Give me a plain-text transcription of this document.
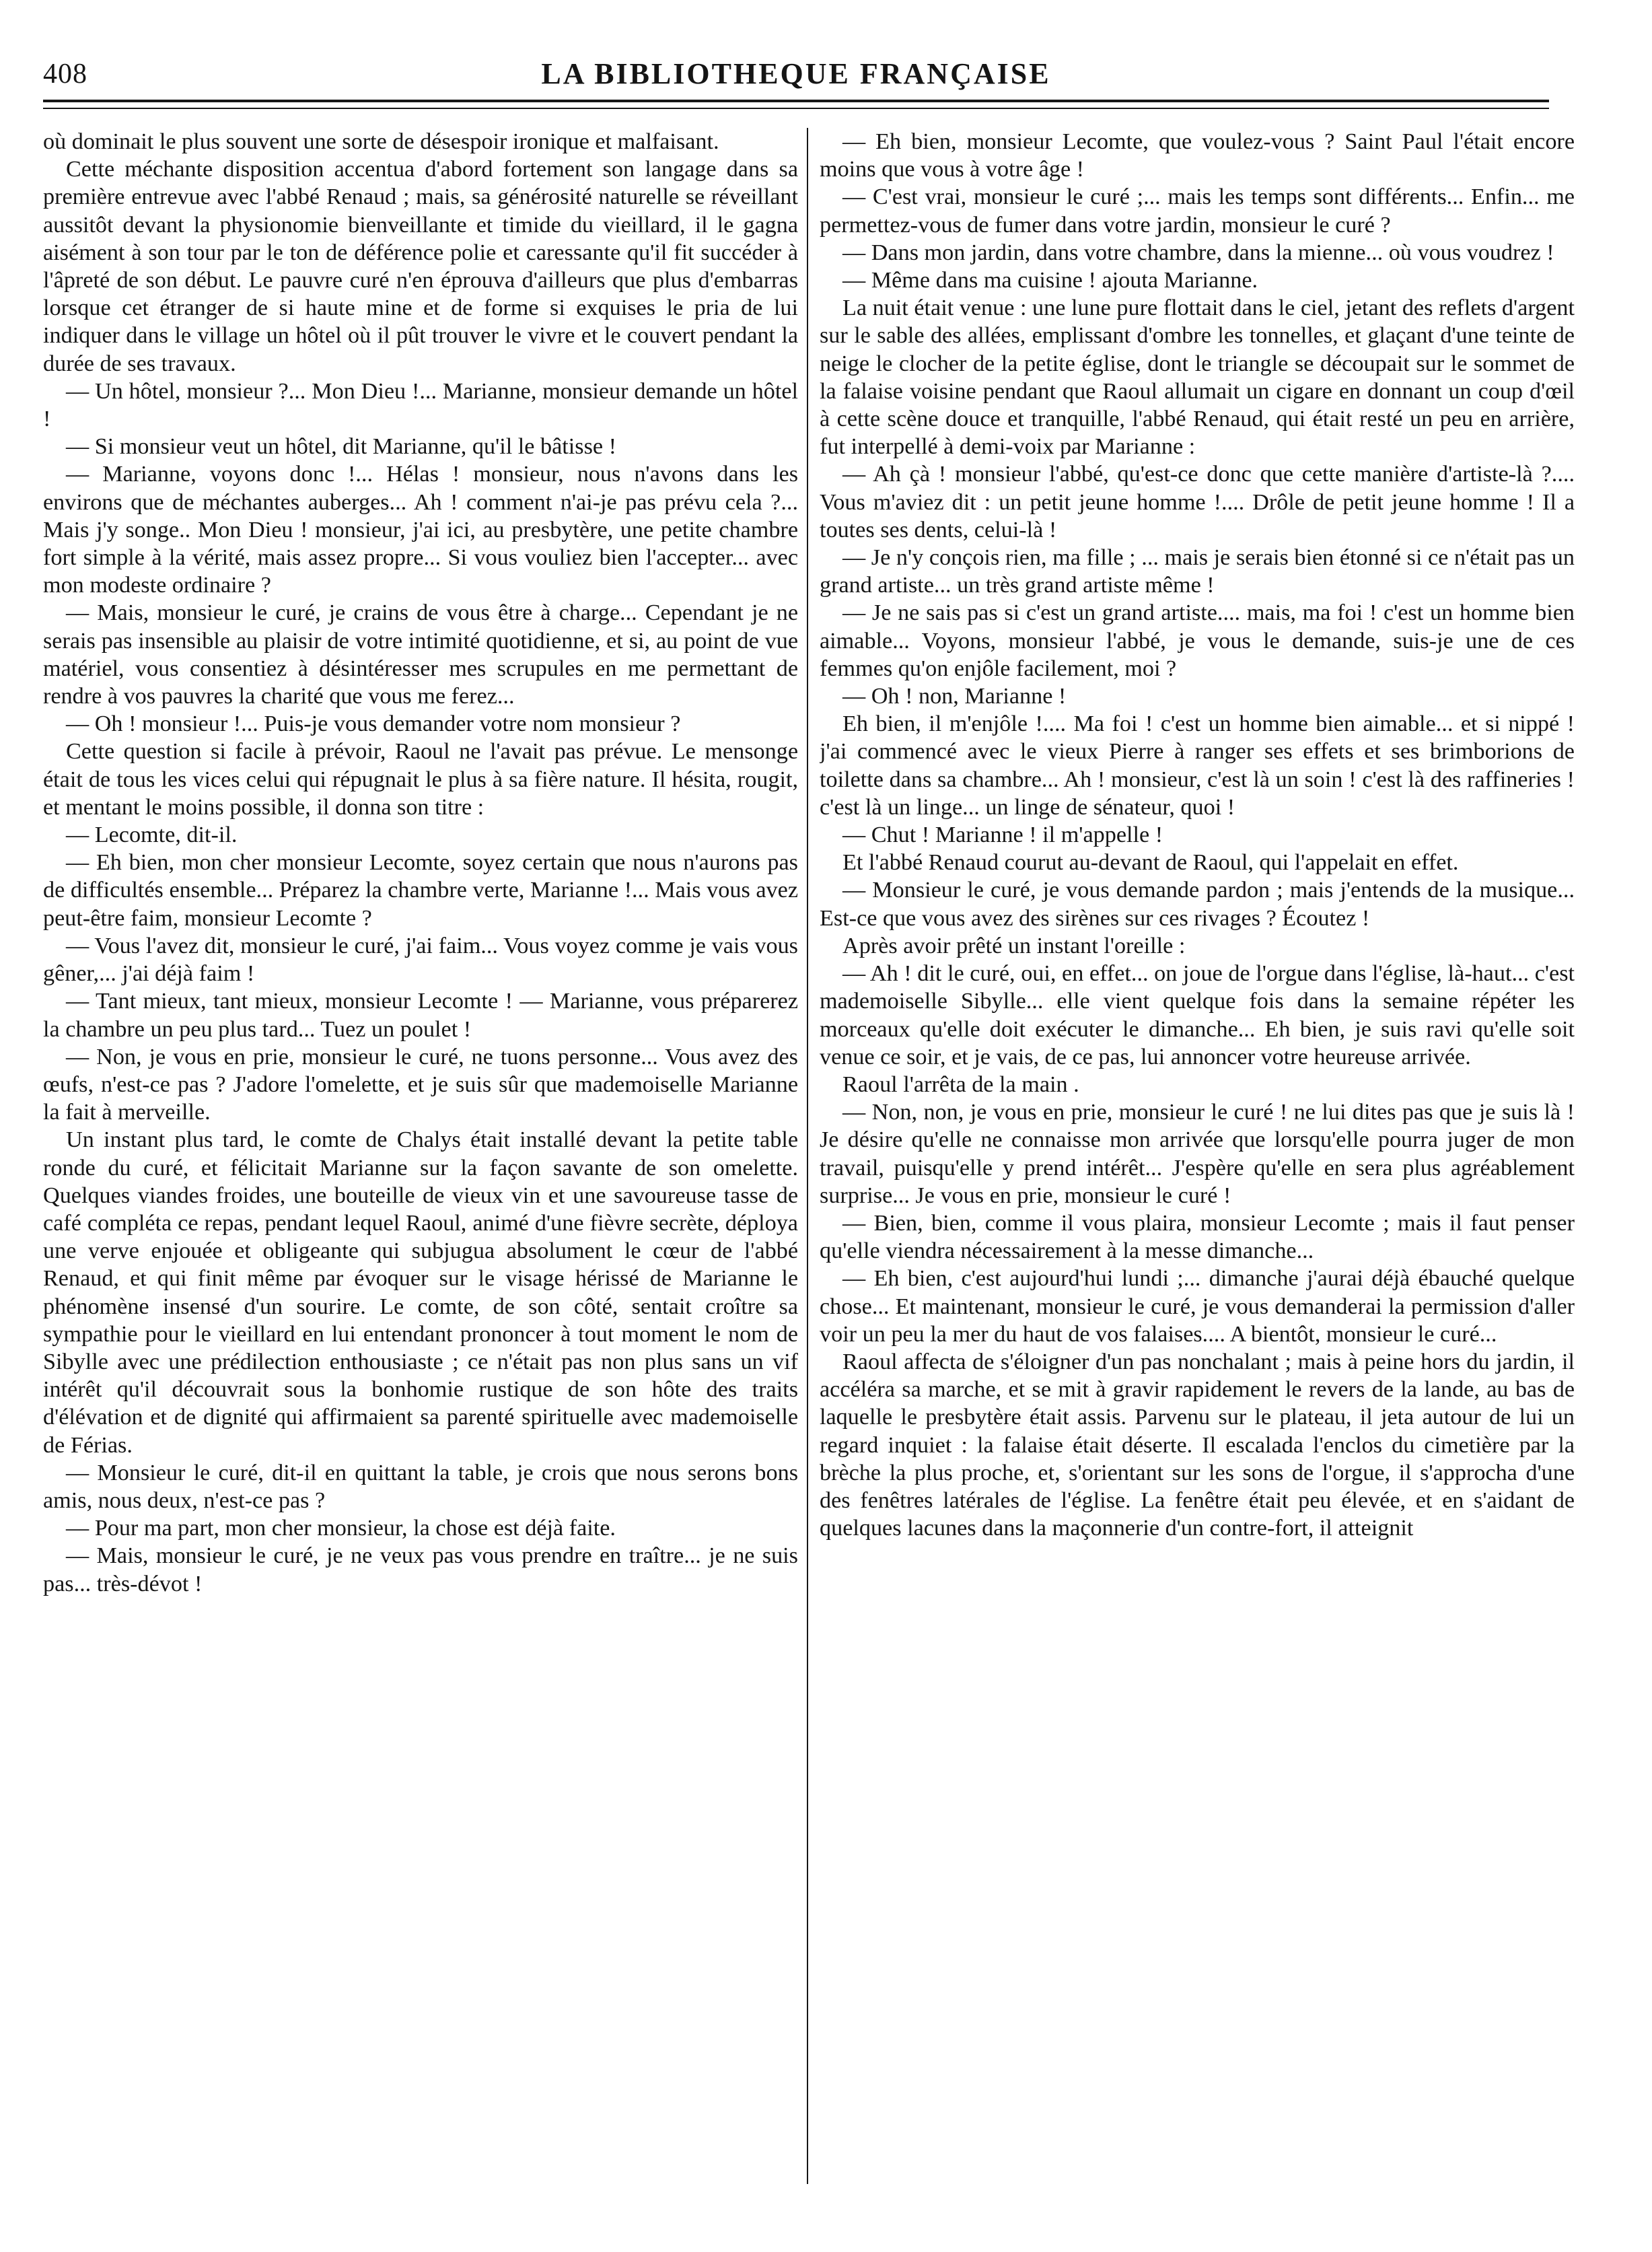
408	LA BIBLIOTHEQUE FRANÇAISE

où dominait le plus souvent une sorte de désespoir ironique et malfaisant.

Cette méchante disposition accentua d'abord fortement son langage dans sa première entrevue avec l'abbé Renaud ; mais, sa générosité naturelle se réveillant aussitôt devant la physionomie bienveillante et timide du vieillard, il le gagna aisément à son tour par le ton de déférence polie et caressante qu'il fit succéder à l'âpreté de son début. Le pauvre curé n'en éprouva d'ailleurs que plus d'embarras lorsque cet étranger de si haute mine et de forme si exquises le pria de lui indiquer dans le village un hôtel où il pût trouver le vivre et le couvert pendant la durée de ses travaux.

— Un hôtel, monsieur ?... Mon Dieu !... Marianne, monsieur demande un hôtel !

— Si monsieur veut un hôtel, dit Marianne, qu'il le bâtisse !

— Marianne, voyons donc !... Hélas ! monsieur, nous n'avons dans les environs que de méchantes auberges... Ah ! comment n'ai-je pas prévu cela ?... Mais j'y songe.. Mon Dieu ! monsieur, j'ai ici, au presbytère, une petite chambre fort simple à la vérité, mais assez propre... Si vous vouliez bien l'accepter... avec mon modeste ordinaire ?

— Mais, monsieur le curé, je crains de vous être à charge... Cependant je ne serais pas insensible au plaisir de votre intimité quotidienne, et si, au point de vue matériel, vous consentiez à désintéresser mes scrupules en me permettant de rendre à vos pauvres la charité que vous me ferez...

— Oh ! monsieur !... Puis-je vous demander votre nom monsieur ?

Cette question si facile à prévoir, Raoul ne l'avait pas prévue. Le mensonge était de tous les vices celui qui répugnait le plus à sa fière nature. Il hésita, rougit, et mentant le moins possible, il donna son titre :

— Lecomte, dit-il.

— Eh bien, mon cher monsieur Lecomte, soyez certain que nous n'aurons pas de difficultés ensemble... Préparez la chambre verte, Marianne !... Mais vous avez peut-être faim, monsieur Lecomte ?

— Vous l'avez dit, monsieur le curé, j'ai faim... Vous voyez comme je vais vous gêner,... j'ai déjà faim !

— Tant mieux, tant mieux, monsieur Lecomte ! — Marianne, vous préparerez la chambre un peu plus tard... Tuez un poulet !

— Non, je vous en prie, monsieur le curé, ne tuons personne... Vous avez des œufs, n'est-ce pas ? J'adore l'omelette, et je suis sûr que mademoiselle Marianne la fait à merveille.

Un instant plus tard, le comte de Chalys était installé devant la petite table ronde du curé, et félicitait Marianne sur la façon savante de son omelette. Quelques viandes froides, une bouteille de vieux vin et une savoureuse tasse de café compléta ce repas, pendant lequel Raoul, animé d'une fièvre secrète, déploya une verve enjouée et obligeante qui subjugua absolument le cœur de l'abbé Renaud, et qui finit même par évoquer sur le visage hérissé de Marianne le phénomène insensé d'un sourire. Le comte, de son côté, sentait croître sa sympathie pour le vieillard en lui entendant prononcer à tout moment le nom de Sibylle avec une prédilection enthousiaste ; ce n'était pas non plus sans un vif intérêt qu'il découvrait sous la bonhomie rustique de son hôte des traits d'élévation et de dignité qui affirmaient sa parenté spirituelle avec mademoiselle de Férias.

— Monsieur le curé, dit-il en quittant la table, je crois que nous serons bons amis, nous deux, n'est-ce pas ?

— Pour ma part, mon cher monsieur, la chose est déjà faite.

— Mais, monsieur le curé, je ne veux pas vous prendre en traître... je ne suis pas... très-dévot !

— Eh bien, monsieur Lecomte, que voulez-vous ? Saint Paul l'était encore moins que vous à votre âge !

— C'est vrai, monsieur le curé ;... mais les temps sont différents... Enfin... me permettez-vous de fumer dans votre jardin, monsieur le curé ?

— Dans mon jardin, dans votre chambre, dans la mienne... où vous voudrez !

— Même dans ma cuisine ! ajouta Marianne.

La nuit était venue : une lune pure flottait dans le ciel, jetant des reflets d'argent sur le sable des allées, emplissant d'ombre les tonnelles, et glaçant d'une teinte de neige le clocher de la petite église, dont le triangle se découpait sur le sommet de la falaise voisine pendant que Raoul allumait un cigare en donnant un coup d'œil à cette scène douce et tranquille, l'abbé Renaud, qui était resté un peu en arrière, fut interpellé à demi-voix par Marianne :

— Ah çà ! monsieur l'abbé, qu'est-ce donc que cette manière d'artiste-là ?.... Vous m'aviez dit : un petit jeune homme !.... Drôle de petit jeune homme ! Il a toutes ses dents, celui-là !

— Je n'y conçois rien, ma fille ; ... mais je serais bien étonné si ce n'était pas un grand artiste... un très grand artiste même !

— Je ne sais pas si c'est un grand artiste.... mais, ma foi ! c'est un homme bien aimable... Voyons, monsieur l'abbé, je vous le demande, suis-je une de ces femmes qu'on enjôle facilement, moi ?

— Oh ! non, Marianne !

Eh bien, il m'enjôle !.... Ma foi ! c'est un homme bien aimable... et si nippé ! j'ai commencé avec le vieux Pierre à ranger ses effets et ses brimborions de toilette dans sa chambre... Ah ! monsieur, c'est là un soin ! c'est là des raffineries ! c'est là un linge... un linge de sénateur, quoi !

— Chut ! Marianne ! il m'appelle !

Et l'abbé Renaud courut au-devant de Raoul, qui l'appelait en effet.

— Monsieur le curé, je vous demande pardon ; mais j'entends de la musique... Est-ce que vous avez des sirènes sur ces rivages ? Écoutez !

Après avoir prêté un instant l'oreille :

— Ah ! dit le curé, oui, en effet... on joue de l'orgue dans l'église, là-haut... c'est mademoiselle Sibylle... elle vient quelque fois dans la semaine répéter les morceaux qu'elle doit exécuter le dimanche... Eh bien, je suis ravi qu'elle soit venue ce soir, et je vais, de ce pas, lui annoncer votre heureuse arrivée.

Raoul l'arrêta de la main .

— Non, non, je vous en prie, monsieur le curé ! ne lui dites pas que je suis là ! Je désire qu'elle ne connaisse mon arrivée que lorsqu'elle pourra juger de mon travail, puisqu'elle y prend intérêt... J'espère qu'elle en sera plus agréablement surprise... Je vous en prie, monsieur le curé !

— Bien, bien, comme il vous plaira, monsieur Lecomte ; mais il faut penser qu'elle viendra nécessairement à la messe dimanche...

— Eh bien, c'est aujourd'hui lundi ;... dimanche j'aurai déjà ébauché quelque chose... Et maintenant, monsieur le curé, je vous demanderai la permission d'aller voir un peu la mer du haut de vos falaises.... A bientôt, monsieur le curé...

Raoul affecta de s'éloigner d'un pas nonchalant ; mais à peine hors du jardin, il accéléra sa marche, et se mit à gravir rapidement le revers de la lande, au bas de laquelle le presbytère était assis. Parvenu sur le plateau, il jeta autour de lui un regard inquiet : la falaise était déserte. Il escalada l'enclos du cimetière par la brèche la plus proche, et, s'orientant sur les sons de l'orgue, il s'approcha d'une des fenêtres latérales de l'église. La fenêtre était peu élevée, et en s'aidant de quelques lacunes dans la maçonnerie d'un contre-fort, il atteignit
